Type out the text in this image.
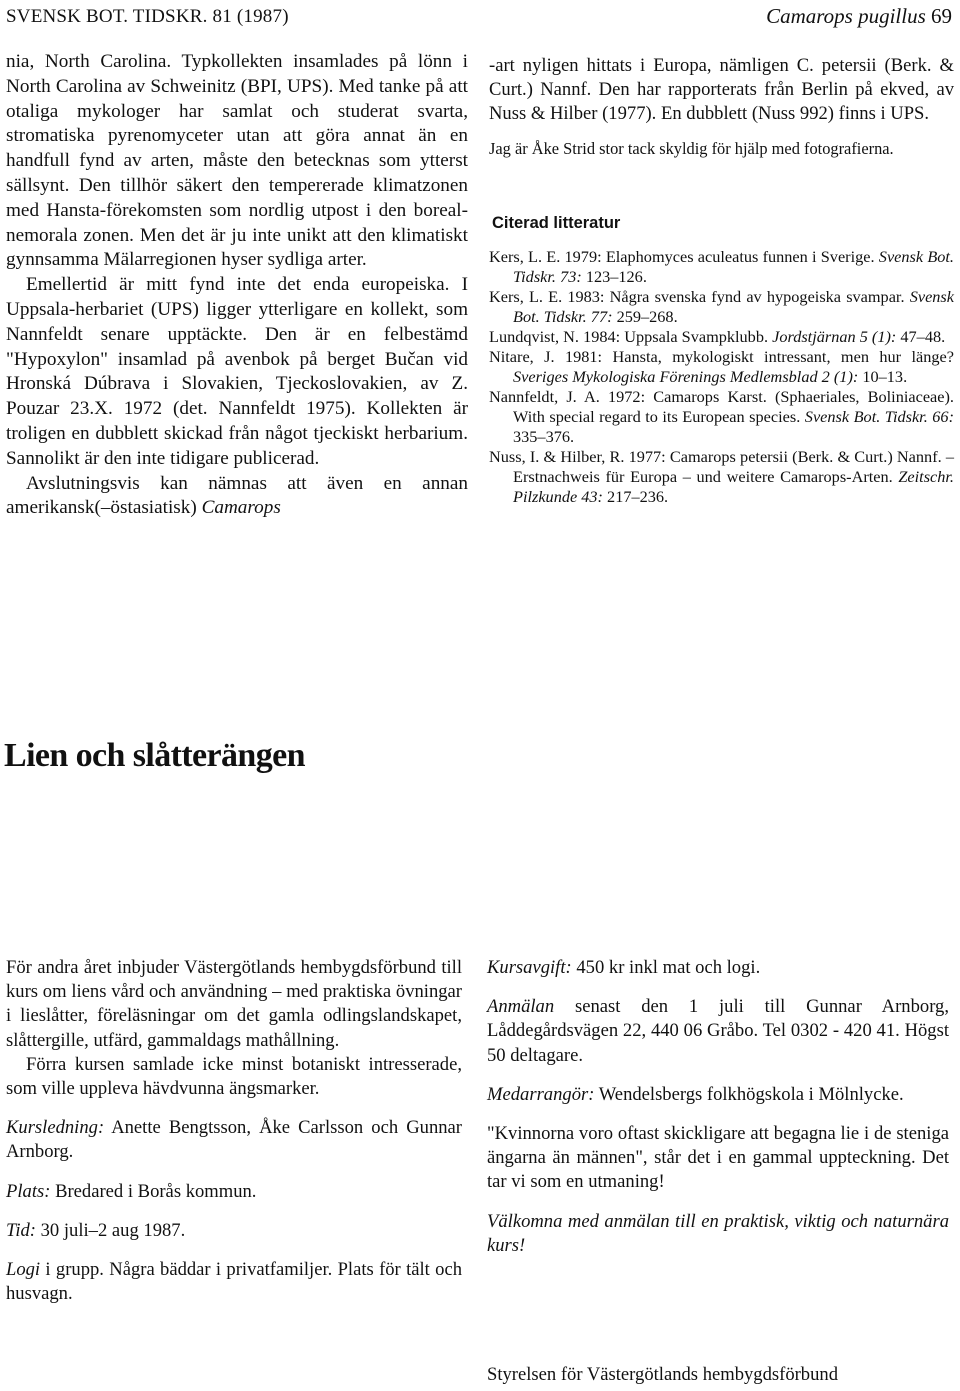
SVENSK BOT. TIDSKR. 81 (1987)	Camarops pugillus 69

nia, North Carolina. Typkollekten insamlades på lönn i North Carolina av Schweinitz (BPI, UPS). Med tanke på att otaliga mykologer har samlat och studerat svarta, stromatiska pyrenomyceter utan att göra annat än en handfull fynd av arten, måste den betecknas som ytterst sällsynt. Den tillhör säkert den tempererade klimatzonen med Hansta-förekomsten som nordlig utpost i den boreal-nemorala zonen. Men det är ju inte unikt att den klimatiskt gynnsamma Mälarregionen hyser sydliga arter.

Emellertid är mitt fynd inte det enda europeiska. I Uppsala-herbariet (UPS) ligger ytterligare en kollekt, som Nannfeldt senare upptäckte. Den är en felbestämd "Hypoxylon" insamlad på avenbok på berget Bučan vid Hronská Dúbrava i Slovakien, Tjeckoslovakien, av Z. Pouzar 23.X. 1972 (det. Nannfeldt 1975). Kollekten är troligen en dubblett skickad från något tjeckiskt herbarium. Sannolikt är den inte tidigare publicerad.

Avslutningsvis kan nämnas att även en annan amerikansk(–östasiatisk) Camarops

-art nyligen hittats i Europa, nämligen C. petersii (Berk. & Curt.) Nannf. Den har rapporterats från Berlin på ekved, av Nuss & Hilber (1977). En dubblett (Nuss 992) finns i UPS.

Jag är Åke Strid stor tack skyldig för hjälp med fotografierna.

Citerad litteratur

Kers, L. E. 1979: Elaphomyces aculeatus funnen i Sverige. Svensk Bot. Tidskr. 73: 123–126.

Kers, L. E. 1983: Några svenska fynd av hypogeiska svampar. Svensk Bot. Tidskr. 77: 259–268.

Lundqvist, N. 1984: Uppsala Svampklubb. Jordstjärnan 5 (1): 47–48.

Nitare, J. 1981: Hansta, mykologiskt intressant, men hur länge? Sveriges Mykologiska Förenings Medlemsblad 2 (1): 10–13.

Nannfeldt, J. A. 1972: Camarops Karst. (Sphaeriales, Boliniaceae). With special regard to its European species. Svensk Bot. Tidskr. 66: 335–376.

Nuss, I. & Hilber, R. 1977: Camarops petersii (Berk. & Curt.) Nannf. – Erstnachweis für Europa – und weitere Camarops-Arten. Zeitschr. Pilzkunde 43: 217–236.

Lien och slåtterängen

För andra året inbjuder Västergötlands hembygdsförbund till kurs om liens vård och användning – med praktiska övningar i lieslåtter, föreläsningar om det gamla odlingslandskapet, slåttergille, utfärd, gammaldags mathållning.

Förra kursen samlade icke minst botaniskt intresserade, som ville uppleva hävdvunna ängsmarker.

Kursledning: Anette Bengtsson, Åke Carlsson och Gunnar Arnborg.

Plats: Bredared i Borås kommun.

Tid: 30 juli–2 aug 1987.

Logi i grupp. Några bäddar i privatfamiljer. Plats för tält och husvagn.

Kursavgift: 450 kr inkl mat och logi.

Anmälan senast den 1 juli till Gunnar Arnborg, Låddegårdsvägen 22, 440 06 Gråbo. Tel 0302 - 420 41. Högst 50 deltagare.

Medarrangör: Wendelsbergs folkhögskola i Mölnlycke.

"Kvinnorna voro oftast skickligare att begagna lie i de steniga ängarna än männen", står det i en gammal uppteckning. Det tar vi som en utmaning!

Välkomna med anmälan till en praktisk, viktig och naturnära kurs!

Styrelsen för Västergötlands hembygdsförbund
